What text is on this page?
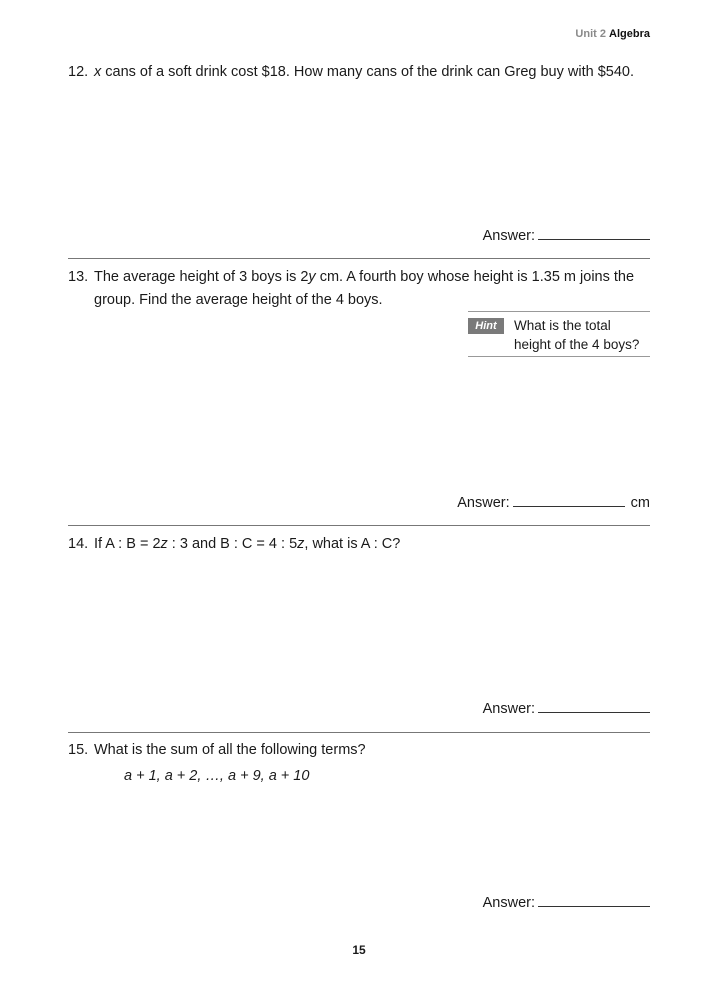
Unit 2 Algebra
12. x cans of a soft drink cost $18. How many cans of the drink can Greg buy with $540.
Answer:
13. The average height of 3 boys is 2y cm. A fourth boy whose height is 1.35 m joins the group. Find the average height of the 4 boys.
Hint	What is the total
height of the 4 boys?
Answer:	cm
14. If A : B = 2z : 3 and B : C = 4 : 5z, what is A : C?
Answer:
15. What is the sum of all the following terms?
a + 1, a + 2, …, a + 9, a + 10
Answer:
15
